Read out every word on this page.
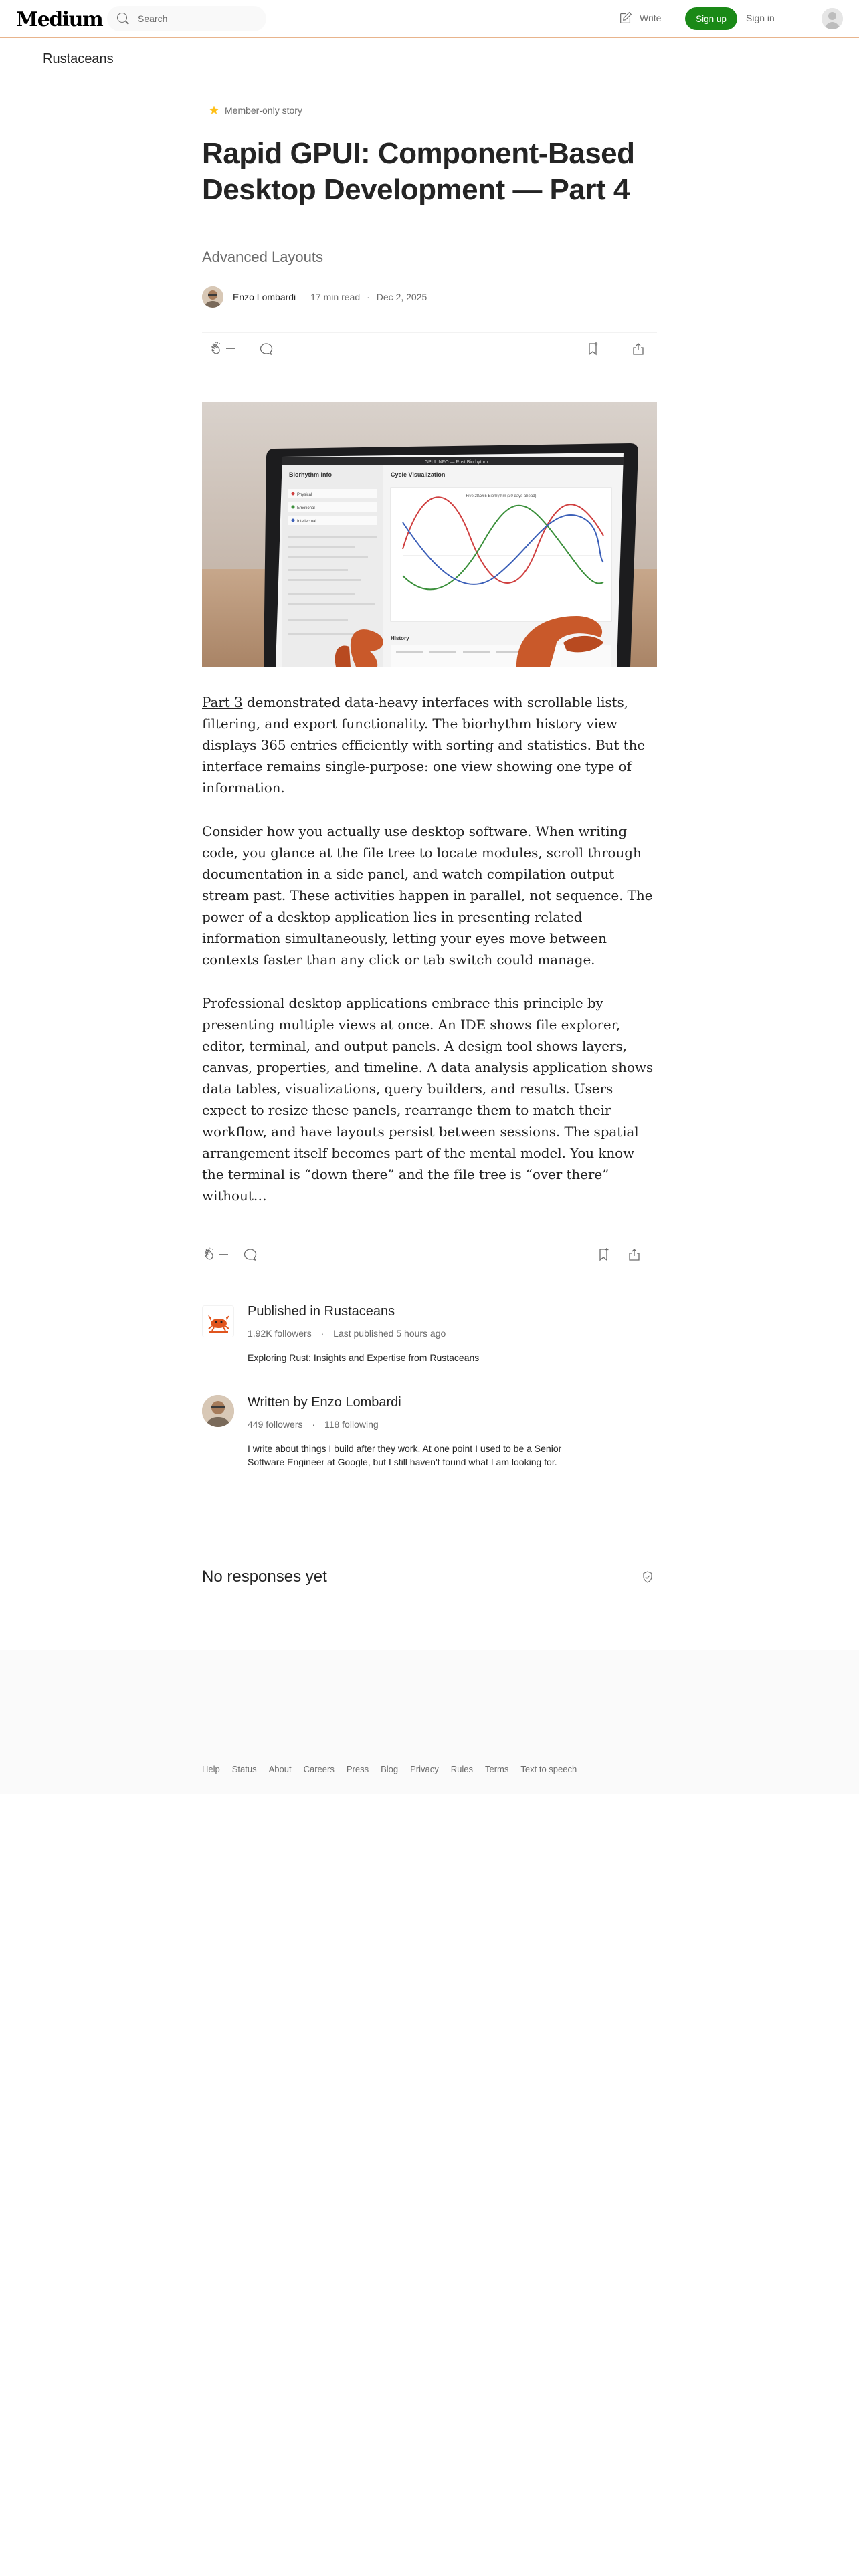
Medium
Search	Write	Sign up	Sign in
Rustaceans
Member-only story
Rapid GPUI: Component-Based Desktop Development — Part 4
Advanced Layouts
Enzo Lombardi 17 min read · Dec 2, 2025
—
GPUI INFO — Rust Biorhythm
Biorhythm Info
Physical
Emotional
Intellectual
Cycle Visualization
Five 28/365 Biorhythm (30 days ahead)
History

Part 3 demonstrated data-heavy interfaces with scrollable lists, filtering, and export functionality. The biorhythm history view displays 365 entries efficiently with sorting and statistics. But the interface remains single-purpose: one view showing one type of information.

Consider how you actually use desktop software. When writing code, you glance at the file tree to locate modules, scroll through documentation in a side panel, and watch compilation output stream past. These activities happen in parallel, not sequence. The power of a desktop application lies in presenting related information simultaneously, letting your eyes move between contexts faster than any click or tab switch could manage.

Professional desktop applications embrace this principle by presenting multiple views at once. An IDE shows file explorer, editor, terminal, and output panels. A design tool shows layers, canvas, properties, and timeline. A data analysis application shows data tables, visualizations, query builders, and results. Users expect to resize these panels, rearrange them to match their workflow, and have layouts persist between sessions. The spatial arrangement itself becomes part of the mental model. You know the terminal is “down there” and the file tree is “over there” without…

—
Published in Rustaceans
1.92K followers · Last published 5 hours ago
Exploring Rust: Insights and Expertise from Rustaceans
Written by Enzo Lombardi
449 followers · 118 following
I write about things I build after they work. At one point I used to be a Senior Software Engineer at Google, but I still haven't found what I am looking for.
No responses yet
Help Status About Careers Press Blog Privacy Rules Terms Text to speech
